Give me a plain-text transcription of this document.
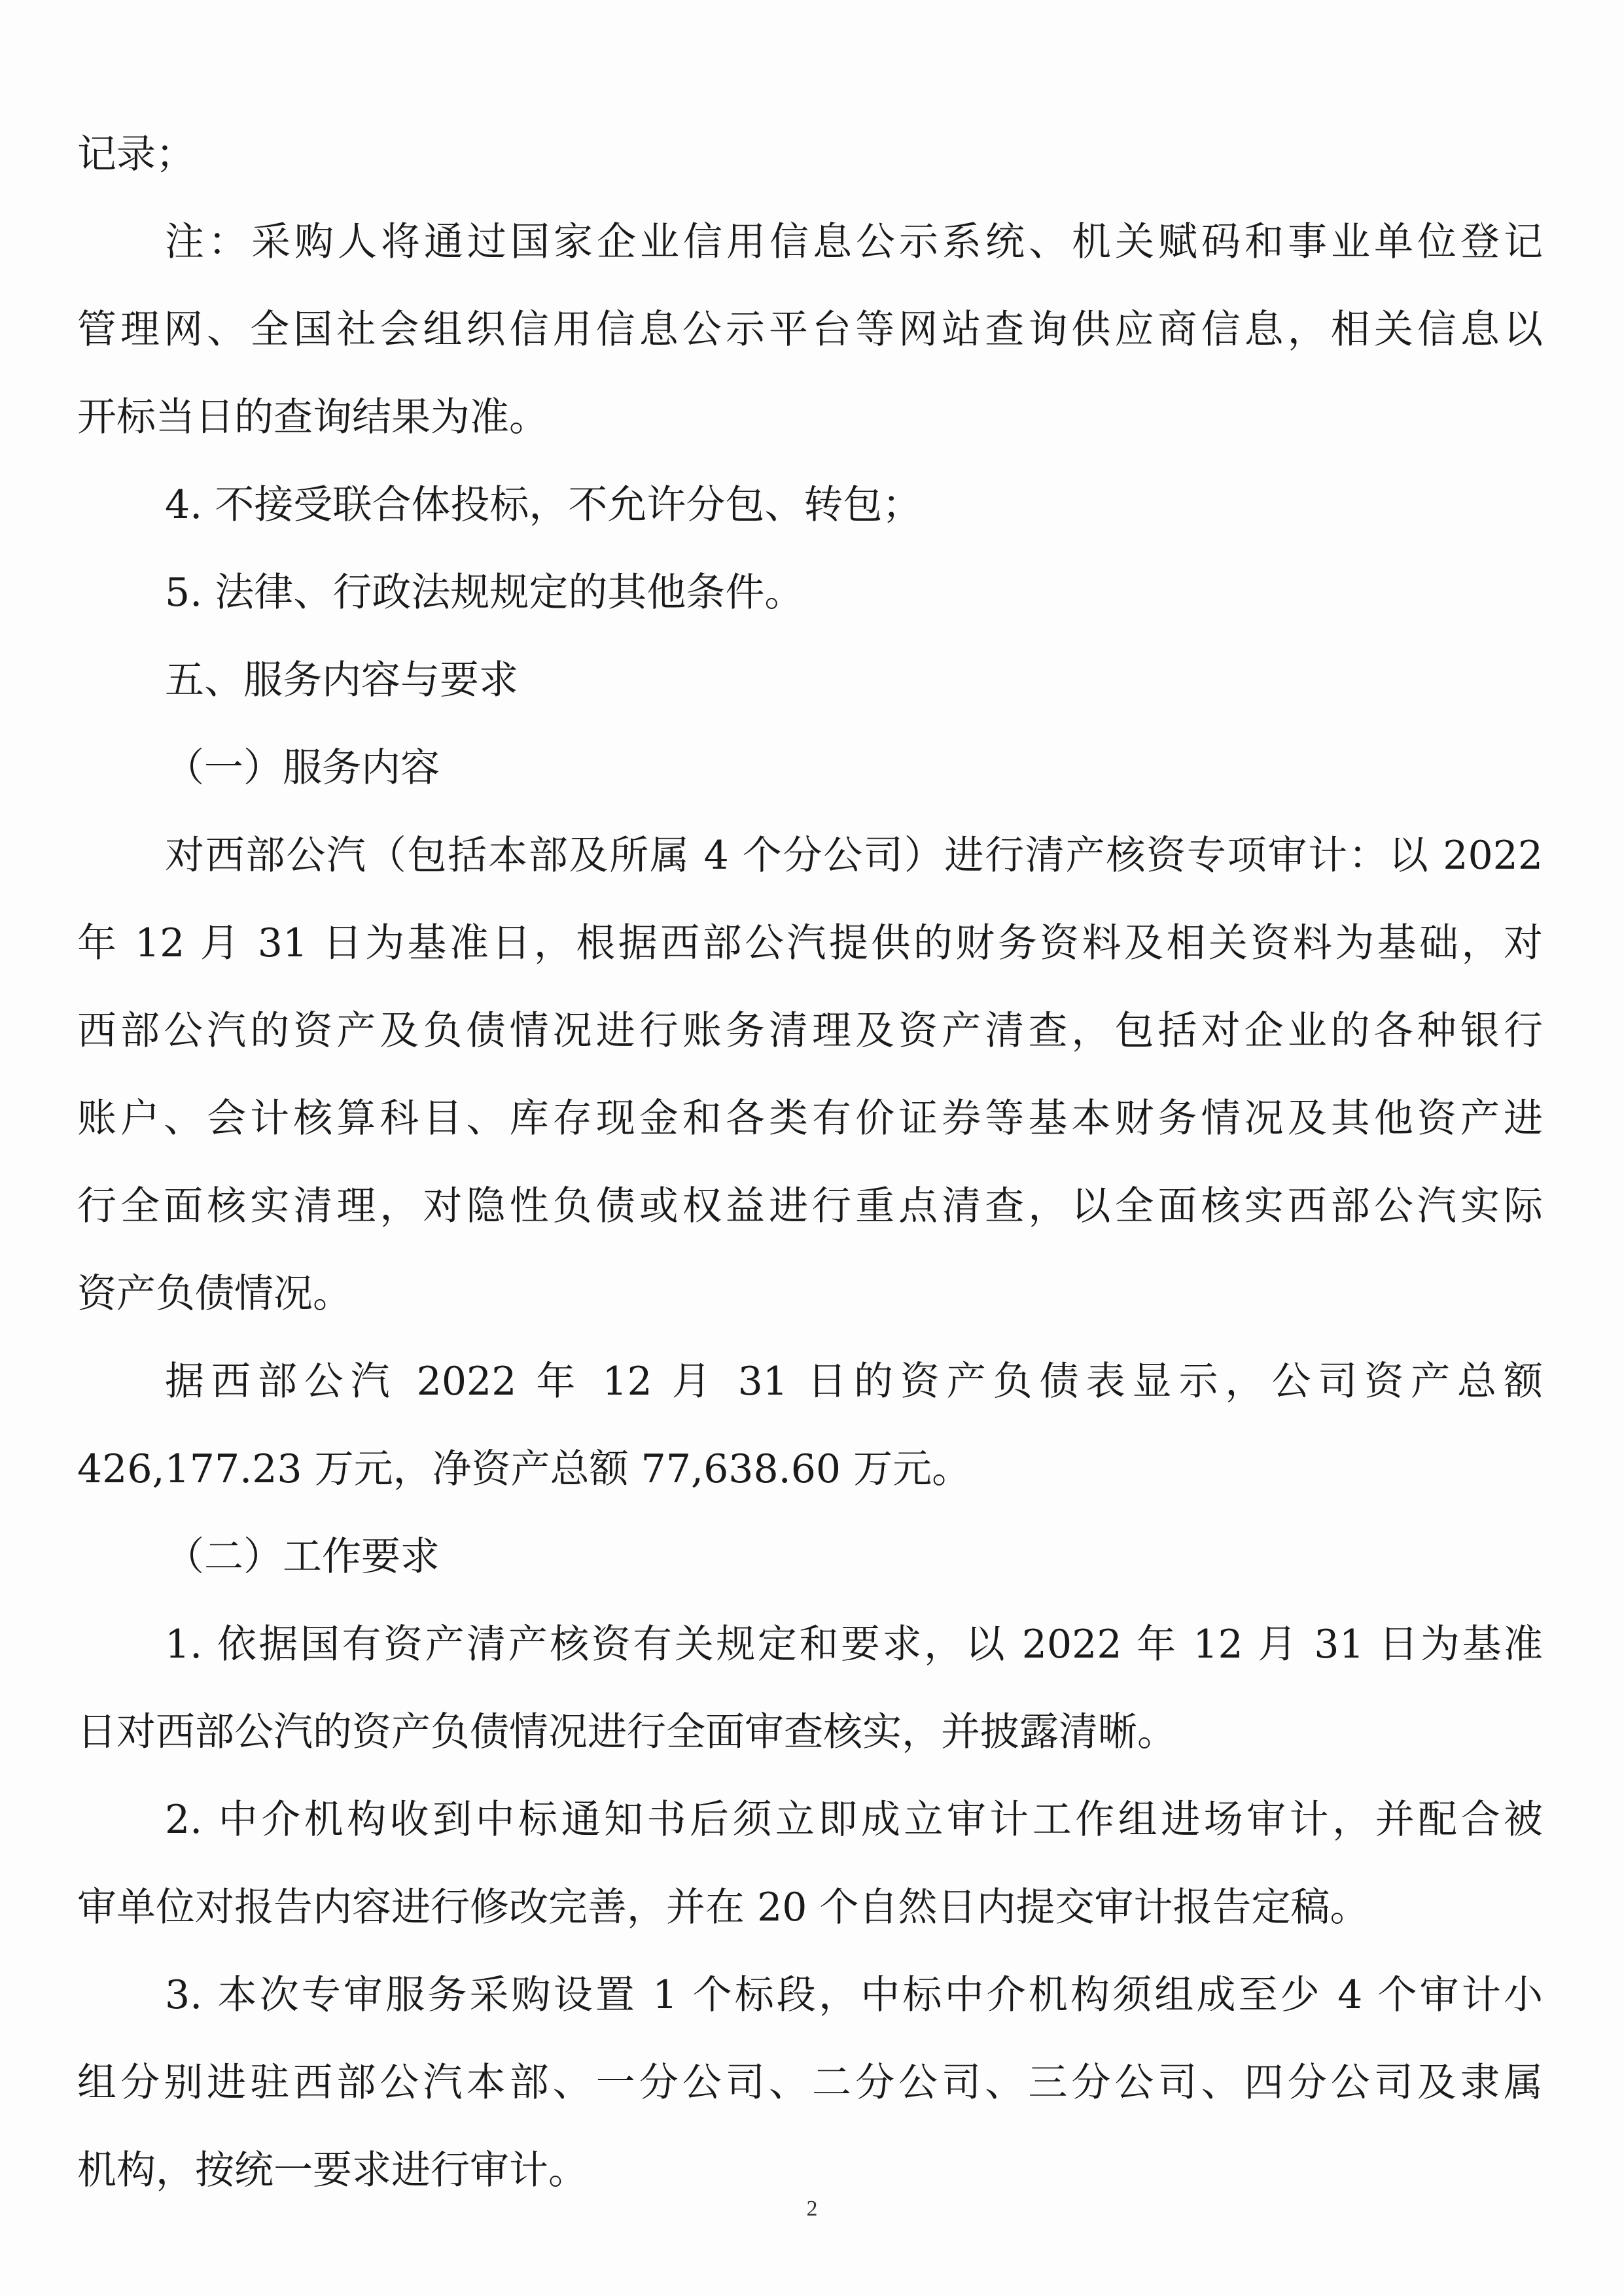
记录；
注：采购人将通过国家企业信用信息公示系统、机关赋码和事业单位登记
管理网、全国社会组织信用信息公示平台等网站查询供应商信息，相关信息以
开标当日的查询结果为准。
4. 不接受联合体投标，不允许分包、转包；
5. 法律、行政法规规定的其他条件。
五、服务内容与要求
（一）服务内容
对西部公汽（包括本部及所属 4 个分公司）进行清产核资专项审计：以 2022
年 12 月 31 日为基准日，根据西部公汽提供的财务资料及相关资料为基础，对
西部公汽的资产及负债情况进行账务清理及资产清查，包括对企业的各种银行
账户、会计核算科目、库存现金和各类有价证券等基本财务情况及其他资产进
行全面核实清理，对隐性负债或权益进行重点清查，以全面核实西部公汽实际
资产负债情况。
据西部公汽 2022 年 12 月 31 日的资产负债表显示，公司资产总额
426,177.23 万元，净资产总额 77,638.60 万元。
（二）工作要求
1. 依据国有资产清产核资有关规定和要求，以 2022 年 12 月 31 日为基准
日对西部公汽的资产负债情况进行全面审查核实，并披露清晰。
2. 中介机构收到中标通知书后须立即成立审计工作组进场审计，并配合被
审单位对报告内容进行修改完善，并在 20 个自然日内提交审计报告定稿。
3. 本次专审服务采购设置 1 个标段，中标中介机构须组成至少 4 个审计小
组分别进驻西部公汽本部、一分公司、二分公司、三分公司、四分公司及隶属
机构，按统一要求进行审计。
2
